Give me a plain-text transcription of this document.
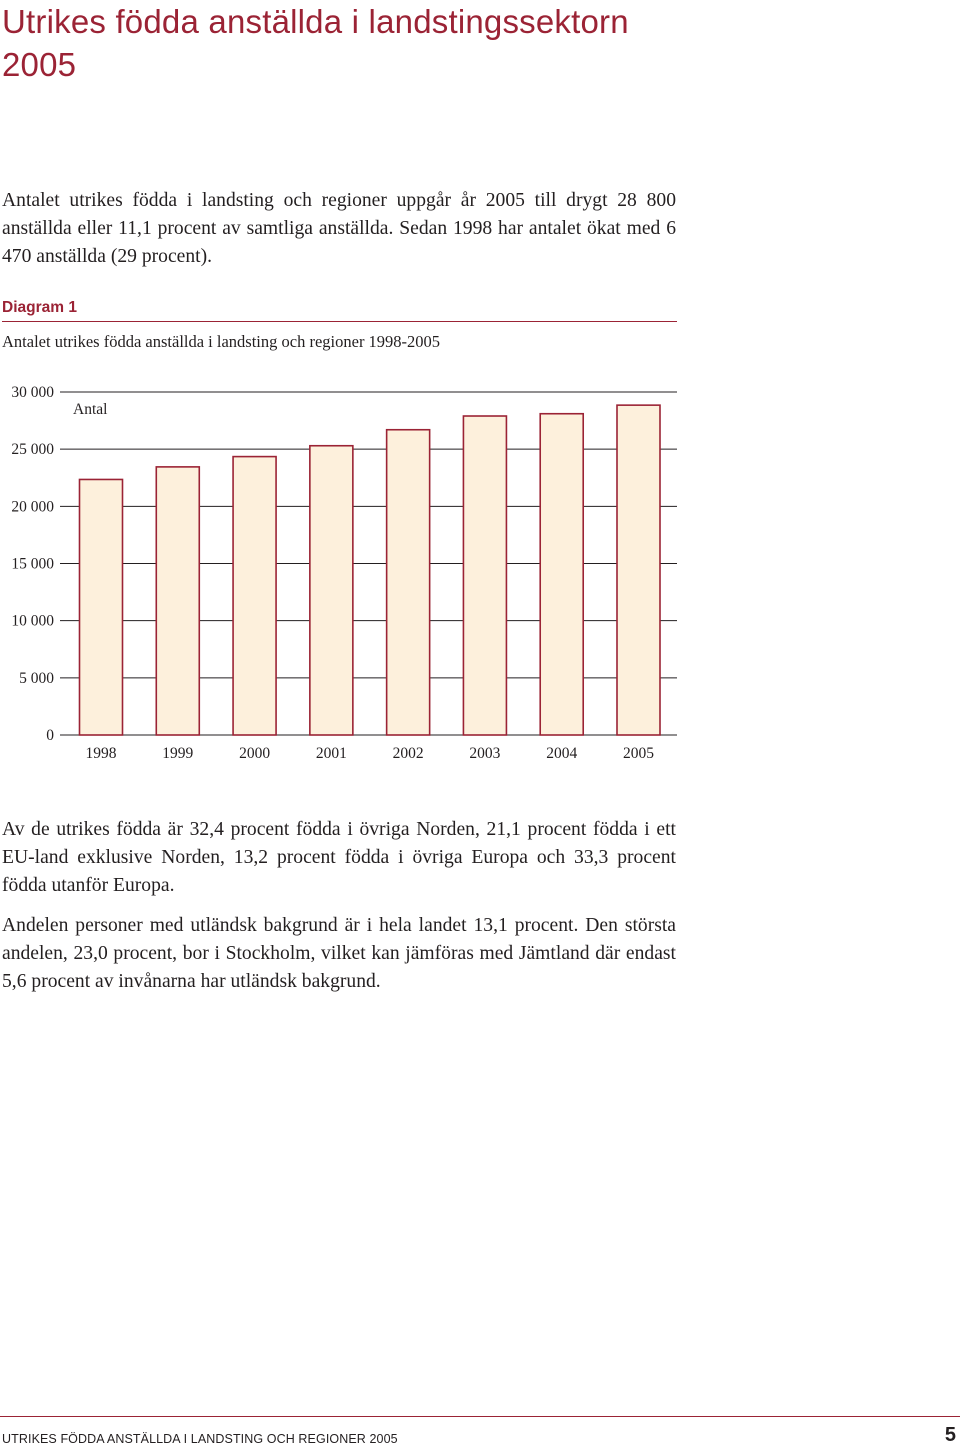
Utrikes födda anställda i landstingssektorn 2005

Antalet utrikes födda i landsting och regioner uppgår år 2005 till drygt 28 800 anställda eller 11,1 procent av samtliga anställda. Sedan 1998 har antalet ökat med 6 470 anställda (29 procent).

Diagram 1
Antalet utrikes födda anställda i landsting och regioner 1998-2005
0
5 000
10 000
15 000
20 000
25 000
30 000
Antal
1998	1999	2000	2001	2002	2003	2004	2005

Av de utrikes födda är 32,4 procent födda i övriga Norden, 21,1 procent födda i ett EU-land exklusive Norden, 13,2 procent födda i övriga Europa och 33,3 procent födda utanför Europa.

Andelen personer med utländsk bakgrund är i hela landet 13,1 procent. Den största andelen, 23,0 procent, bor i Stockholm, vilket kan jämföras med Jämtland där endast 5,6 procent av invånarna har utländsk bakgrund.

UTRIKES FÖDDA ANSTÄLLDA I LANDSTING OCH REGIONER 2005	5
